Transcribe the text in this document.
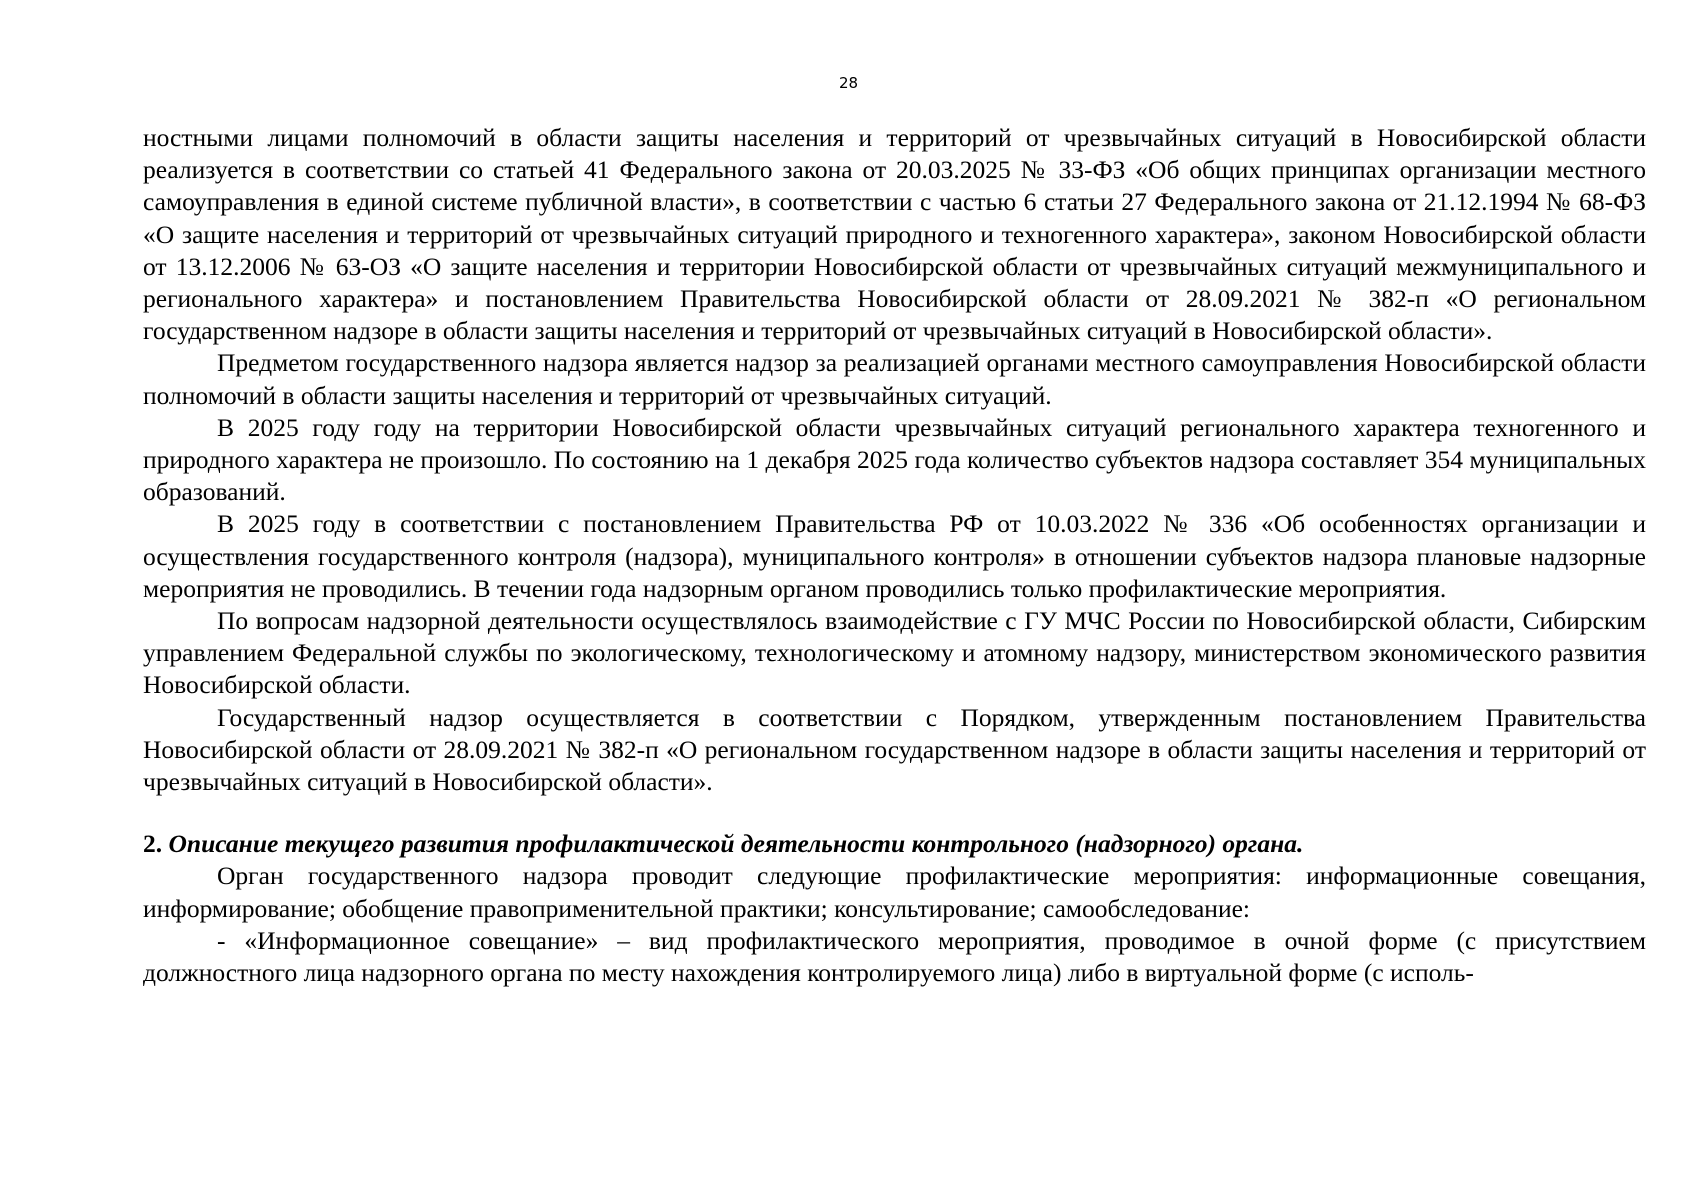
28

ностными лицами полномочий в области защиты населения и территорий от чрезвычайных ситуаций в Новосибирской области реализуется в соответствии со статьей 41 Федерального закона от 20.03.2025 № 33-ФЗ «Об общих принципах организации местного самоуправления в единой системе публичной власти», в соответствии с частью 6 статьи 27 Федерального закона от 21.12.1994 № 68-ФЗ «О защите населения и территорий от чрезвычайных ситуаций природного и техногенного характера», законом Новосибирской области от 13.12.2006 № 63-ОЗ «О защите населения и территории Новосибирской области от чрезвычайных ситуаций межмуниципального и регионального характера» и постановлением Правительства Новосибирской области от 28.09.2021 № 382-п «О региональном государственном надзоре в области защиты населения и территорий от чрезвычайных ситуаций в Новосибирской области».

Предметом государственного надзора является надзор за реализацией органами местного самоуправления Новосибирской области полномочий в области защиты населения и территорий от чрезвычайных ситуаций.

В 2025 году году на территории Новосибирской области чрезвычайных ситуаций регионального характера техногенного и природного характера не произошло. По состоянию на 1 декабря 2025 года количество субъектов надзора составляет 354 муниципальных образований.

В 2025 году в соответствии с постановлением Правительства РФ от 10.03.2022 № 336 «Об особенностях организации и осуществления государственного контроля (надзора), муниципального контроля» в отношении субъектов надзора плановые надзорные мероприятия не проводились. В течении года надзорным органом проводились только профилактические мероприятия.

По вопросам надзорной деятельности осуществлялось взаимодействие с ГУ МЧС России по Новосибирской области, Сибирским управлением Федеральной службы по экологическому, технологическому и атомному надзору, министерством экономического развития Новосибирской области.

Государственный надзор осуществляется в соответствии с Порядком, утвержденным постановлением Правительства Новосибирской области от 28.09.2021 № 382-п «О региональном государственном надзоре в области защиты населения и территорий от чрезвычайных ситуаций в Новосибирской области».

2. Описание текущего развития профилактической деятельности контрольного (надзорного) органа.

Орган государственного надзора проводит следующие профилактические мероприятия: информационные совещания, информирование; обобщение правоприменительной практики; консультирование; самообследование:

- «Информационное совещание» – вид профилактического мероприятия, проводимое в очной форме (с присутствием должностного лица надзорного органа по месту нахождения контролируемого лица) либо в виртуальной форме (с исполь-
